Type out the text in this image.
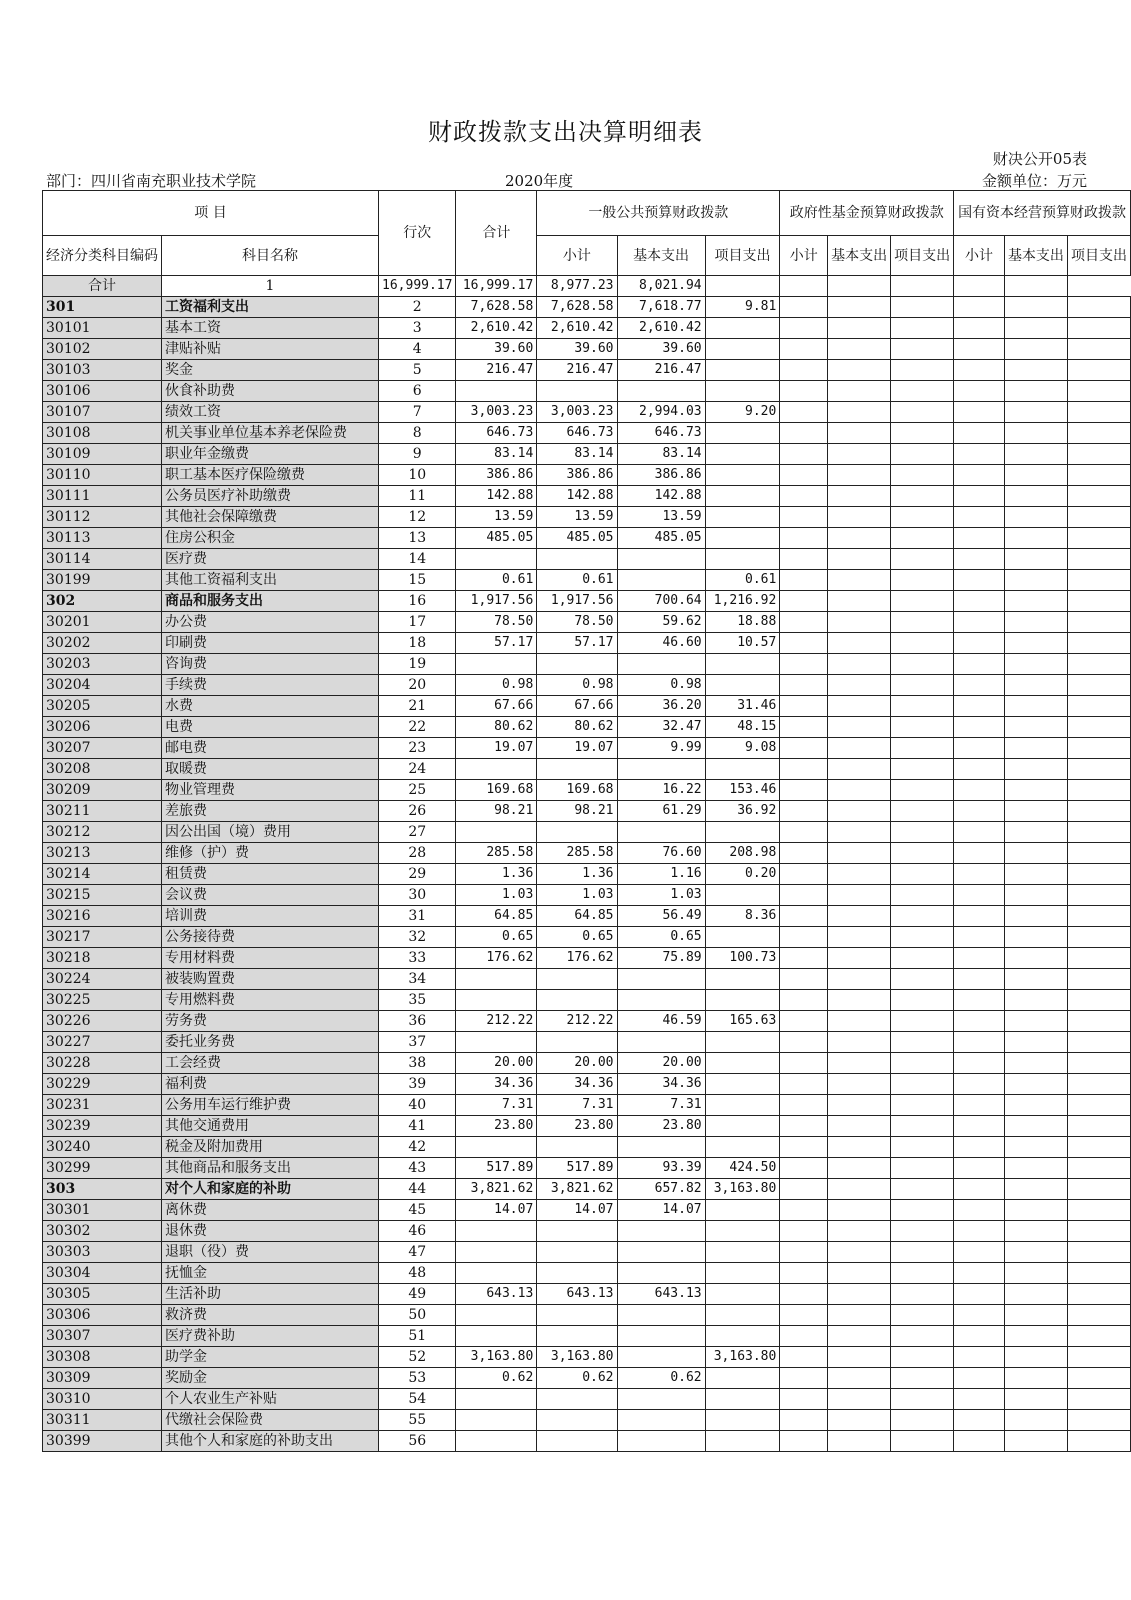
财政拨款支出决算明细表
财决公开05表
部门：四川省南充职业技术学院	2020年度	金额单位：万元
项 目		行次	合计	一般公共预算财政拨款			政府性基金预算财政拨款			国有资本经营预算财政拨款		
经济分类科目编码	科目名称			小计	基本支出	项目支出	小计	基本支出	项目支出	小计	基本支出	项目支出
合计	1	16,999.17	16,999.17	8,977.23	8,021.94							
301	工资福利支出	2	7,628.58	7,628.58	7,618.77	9.81						
30101	基本工资	3	2,610.42	2,610.42	2,610.42							
30102	津贴补贴	4	39.60	39.60	39.60							
30103	奖金	5	216.47	216.47	216.47							
30106	伙食补助费	6										
30107	绩效工资	7	3,003.23	3,003.23	2,994.03	9.20						
30108	机关事业单位基本养老保险费	8	646.73	646.73	646.73							
30109	职业年金缴费	9	83.14	83.14	83.14							
30110	职工基本医疗保险缴费	10	386.86	386.86	386.86							
30111	公务员医疗补助缴费	11	142.88	142.88	142.88							
30112	其他社会保障缴费	12	13.59	13.59	13.59							
30113	住房公积金	13	485.05	485.05	485.05							
30114	医疗费	14										
30199	其他工资福利支出	15	0.61	0.61		0.61						
302	商品和服务支出	16	1,917.56	1,917.56	700.64	1,216.92						
30201	办公费	17	78.50	78.50	59.62	18.88						
30202	印刷费	18	57.17	57.17	46.60	10.57						
30203	咨询费	19										
30204	手续费	20	0.98	0.98	0.98							
30205	水费	21	67.66	67.66	36.20	31.46						
30206	电费	22	80.62	80.62	32.47	48.15						
30207	邮电费	23	19.07	19.07	9.99	9.08						
30208	取暖费	24										
30209	物业管理费	25	169.68	169.68	16.22	153.46						
30211	差旅费	26	98.21	98.21	61.29	36.92						
30212	因公出国（境）费用	27										
30213	维修（护）费	28	285.58	285.58	76.60	208.98						
30214	租赁费	29	1.36	1.36	1.16	0.20						
30215	会议费	30	1.03	1.03	1.03							
30216	培训费	31	64.85	64.85	56.49	8.36						
30217	公务接待费	32	0.65	0.65	0.65							
30218	专用材料费	33	176.62	176.62	75.89	100.73						
30224	被装购置费	34										
30225	专用燃料费	35										
30226	劳务费	36	212.22	212.22	46.59	165.63						
30227	委托业务费	37										
30228	工会经费	38	20.00	20.00	20.00							
30229	福利费	39	34.36	34.36	34.36							
30231	公务用车运行维护费	40	7.31	7.31	7.31							
30239	其他交通费用	41	23.80	23.80	23.80							
30240	税金及附加费用	42										
30299	其他商品和服务支出	43	517.89	517.89	93.39	424.50						
303	对个人和家庭的补助	44	3,821.62	3,821.62	657.82	3,163.80						
30301	离休费	45	14.07	14.07	14.07							
30302	退休费	46										
30303	退职（役）费	47										
30304	抚恤金	48										
30305	生活补助	49	643.13	643.13	643.13							
30306	救济费	50										
30307	医疗费补助	51										
30308	助学金	52	3,163.80	3,163.80		3,163.80						
30309	奖励金	53	0.62	0.62	0.62							
30310	个人农业生产补贴	54										
30311	代缴社会保险费	55										
30399	其他个人和家庭的补助支出	56										
